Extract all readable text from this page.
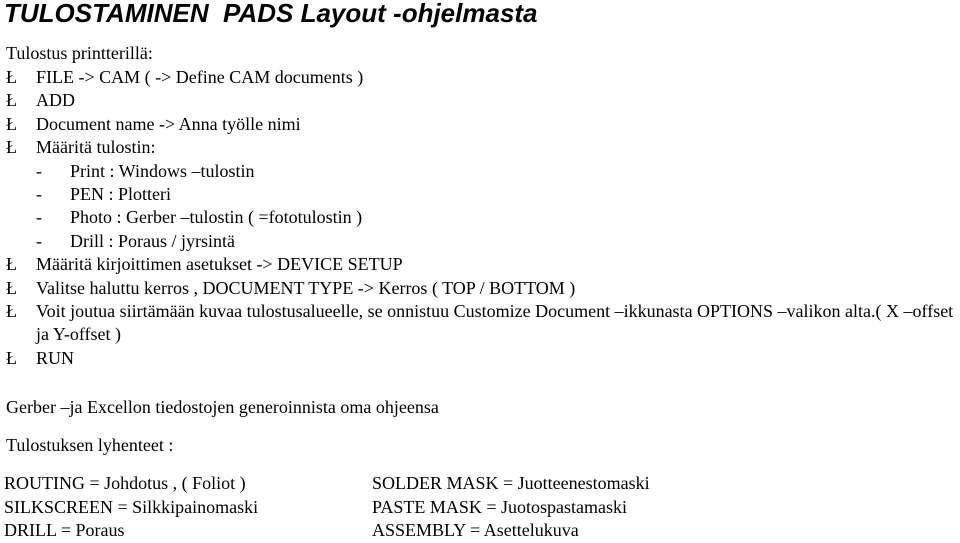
TULOSTAMINEN  PADS Layout -ohjelmasta
Tulostus printterillä:
Ł	FILE -> CAM ( -> Define CAM documents )
Ł	ADD
Ł	Document name -> Anna työlle nimi
Ł	Määritä tulostin:
- Print : Windows –tulostin
- PEN : Plotteri
- Photo : Gerber –tulostin ( =fototulostin )
- Drill : Poraus / jyrsintä
Ł	Määritä kirjoittimen asetukset -> DEVICE SETUP
Ł	Valitse haluttu kerros , DOCUMENT TYPE -> Kerros ( TOP / BOTTOM )
Ł	Voit joutua siirtämään kuvaa tulostusalueelle, se onnistuu Customize Document –ikkunasta OPTIONS –valikon alta.( X –offset ja Y-offset )
Ł	RUN
Gerber –ja Excellon tiedostojen generoinnista oma ohjeensa
Tulostuksen lyhenteet :
ROUTING = Johdotus , ( Foliot )
SILKSCREEN = Silkkipainomaski
DRILL = Poraus
SOLDER MASK = Juotteenestomaski
PASTE MASK = Juotospastamaski
ASSEMBLY = Asettelukuva
